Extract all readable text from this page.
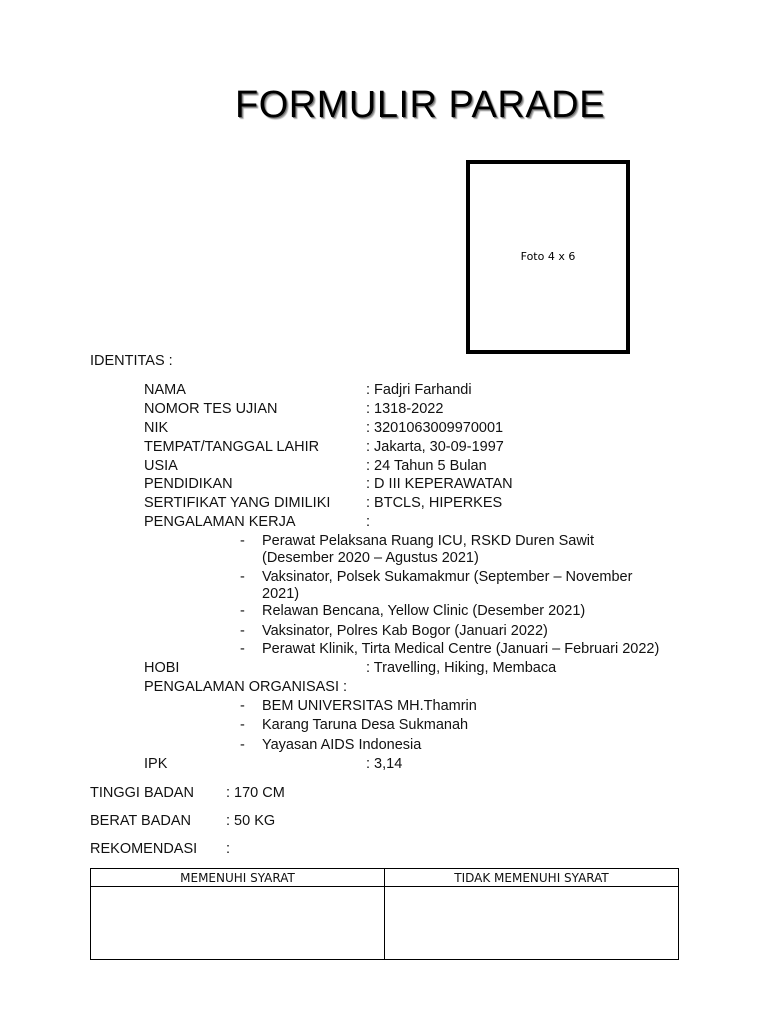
FORMULIR PARADE
Foto 4 x 6
IDENTITAS :
NAMA	: Fadjri Farhandi
NOMOR TES UJIAN	: 1318-2022
NIK	: 3201063009970001
TEMPAT/TANGGAL LAHIR	: Jakarta, 30-09-1997
USIA	: 24 Tahun 5 Bulan
PENDIDIKAN	: D III KEPERAWATAN
SERTIFIKAT YANG DIMILIKI : BTCLS, HIPERKES
PENGALAMAN KERJA	:
- Perawat Pelaksana Ruang ICU, RSKD Duren Sawit
(Desember 2020 – Agustus 2021)
- Vaksinator, Polsek Sukamakmur (September – November
2021)
- Relawan Bencana, Yellow Clinic (Desember 2021)
- Vaksinator, Polres Kab Bogor (Januari 2022)
- Perawat Klinik, Tirta Medical Centre (Januari – Februari 2022)
HOBI	: Travelling, Hiking, Membaca
PENGALAMAN ORGANISASI :
- BEM UNIVERSITAS MH.Thamrin
- Karang Taruna Desa Sukmanah
- Yayasan AIDS Indonesia
IPK	: 3,14
TINGGI BADAN : 170 CM
BERAT BADAN : 50 KG
REKOMENDASI :
MEMENUHI SYARAT	TIDAK MEMENUHI SYARAT
